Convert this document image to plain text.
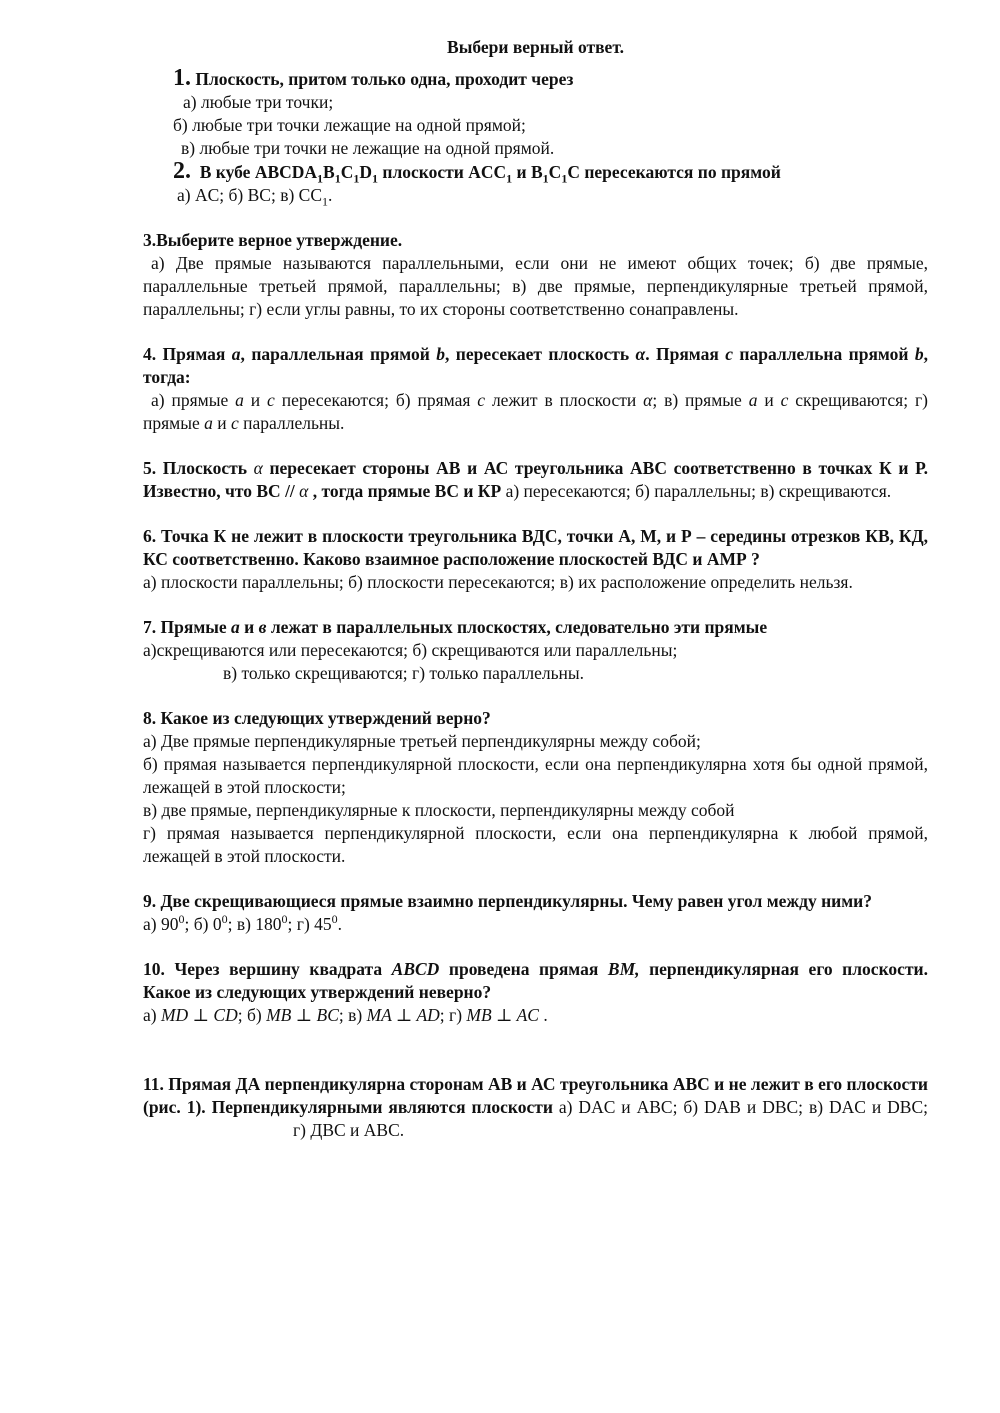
Выбери верный ответ.
1. Плоскость, притом только одна, проходит через
а) любые три точки;
б) любые три точки лежащие на одной прямой;
в) любые три точки не лежащие на одной прямой.
2. В кубе $ABCDA_1B_1C_1D_1$ плоскости $ACC_1$ и $B_1C_1C$ пересекаются по прямой
а) AC; б) BC; в) $CC_1$.
3.Выберите верное утверждение.
а) Две прямые называются параллельными, если они не имеют общих точек; б) две прямые, параллельные третьей прямой, параллельны; в) две прямые, перпендикулярные третьей прямой, параллельны; г) если углы равны, то их стороны соответственно сонаправлены.
4. Прямая а, параллельная прямой b, пересекает плоскость α. Прямая с параллельна прямой b, тогда:
а) прямые а и с пересекаются; б) прямая с лежит в плоскости α; в) прямые а и с скрещиваются; г) прямые а и с параллельны.
5. Плоскость α пересекает стороны АВ и АС треугольника АВС соответственно в точках К и Р. Известно, что ВС // α , тогда прямые ВС и КР а) пересекаются; б) параллельны; в) скрещиваются.
6. Точка К не лежит в плоскости треугольника ВДС, точки А, М, и Р – середины отрезков КВ, КД, КС соответственно. Каково взаимное расположение плоскостей ВДС и АМР ?
а) плоскости параллельны; б) плоскости пересекаются; в) их расположение определить нельзя.
7. Прямые а и в лежат в параллельных плоскостях, следовательно эти прямые
а)скрещиваются или пересекаются; б) скрещиваются или параллельны;
в) только скрещиваются; г) только параллельны.
8. Какое из следующих утверждений верно?
а) Две прямые перпендикулярные третьей перпендикулярны между собой;
б) прямая называется перпендикулярной плоскости, если она перпендикулярна хотя бы одной прямой, лежащей в этой плоскости;
в) две прямые, перпендикулярные к плоскости, перпендикулярны между собой
г) прямая называется перпендикулярной плоскости, если она перпендикулярна к любой прямой, лежащей в этой плоскости.
9. Две скрещивающиеся прямые взаимно перпендикулярны. Чему равен угол между ними?
а) $90^0$; б) $0^0$; в) $180^0$; г) $45^0$.
10. Через вершину квадрата ABCD проведена прямая BM, перпендикулярная его плоскости. Какое из следующих утверждений неверно?
а) MD ⊥ CD; б) MB ⊥ BC; в) MA ⊥ AD; г) MB ⊥ AC .
11. Прямая ДА перпендикулярна сторонам АВ и АС треугольника АВС и не лежит в его плоскости (рис. 1). Перпендикулярными являются плоскости а) DAC и ABC; б) DAB и DBC; в) DAC и DBC;г) ДВС и АВС.
